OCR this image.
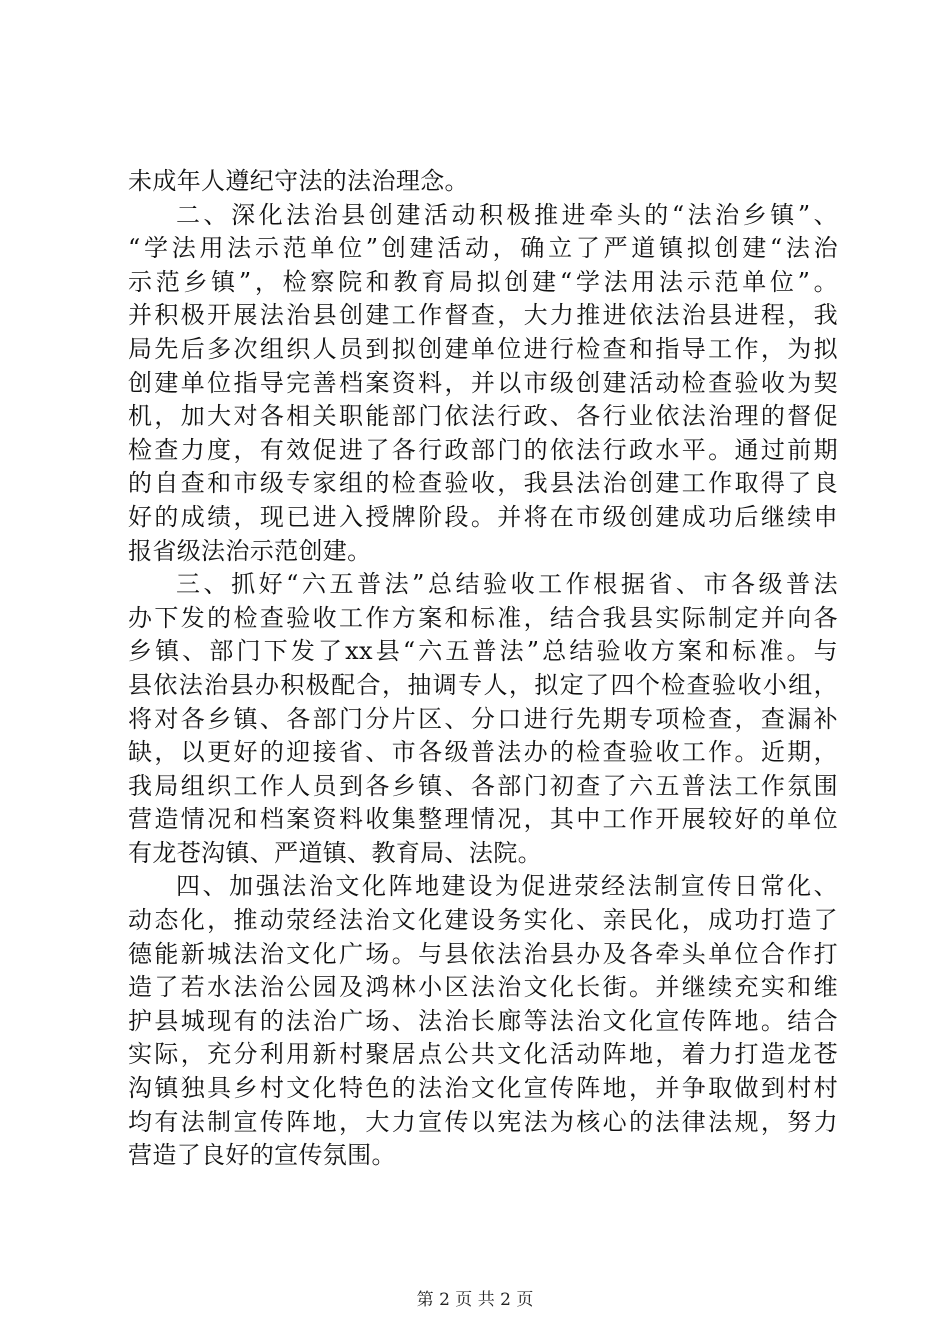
未成年人遵纪守法的法治理念。
二、深化法治县创建活动积极推进牵头的“法治乡镇”、
“学法用法示范单位”创建活动，确立了严道镇拟创建“法治
示范乡镇”，检察院和教育局拟创建“学法用法示范单位”。
并积极开展法治县创建工作督查，大力推进依法治县进程，我
局先后多次组织人员到拟创建单位进行检查和指导工作，为拟
创建单位指导完善档案资料，并以市级创建活动检查验收为契
机，加大对各相关职能部门依法行政、各行业依法治理的督促
检查力度，有效促进了各行政部门的依法行政水平。通过前期
的自查和市级专家组的检查验收，我县法治创建工作取得了良
好的成绩，现已进入授牌阶段。并将在市级创建成功后继续申
报省级法治示范创建。
三、抓好“六五普法”总结验收工作根据省、市各级普法
办下发的检查验收工作方案和标准，结合我县实际制定并向各
乡镇、部门下发了xx县“六五普法”总结验收方案和标准。与
县依法治县办积极配合，抽调专人，拟定了四个检查验收小组，
将对各乡镇、各部门分片区、分口进行先期专项检查，查漏补
缺，以更好的迎接省、市各级普法办的检查验收工作。近期，
我局组织工作人员到各乡镇、各部门初查了六五普法工作氛围
营造情况和档案资料收集整理情况，其中工作开展较好的单位
有龙苍沟镇、严道镇、教育局、法院。
四、加强法治文化阵地建设为促进荥经法制宣传日常化、
动态化，推动荥经法治文化建设务实化、亲民化，成功打造了
德能新城法治文化广场。与县依法治县办及各牵头单位合作打
造了若水法治公园及鸿林小区法治文化长街。并继续充实和维
护县城现有的法治广场、法治长廊等法治文化宣传阵地。结合
实际，充分利用新村聚居点公共文化活动阵地，着力打造龙苍
沟镇独具乡村文化特色的法治文化宣传阵地，并争取做到村村
均有法制宣传阵地，大力宣传以宪法为核心的法律法规，努力
营造了良好的宣传氛围。
第 2 页 共 2 页
